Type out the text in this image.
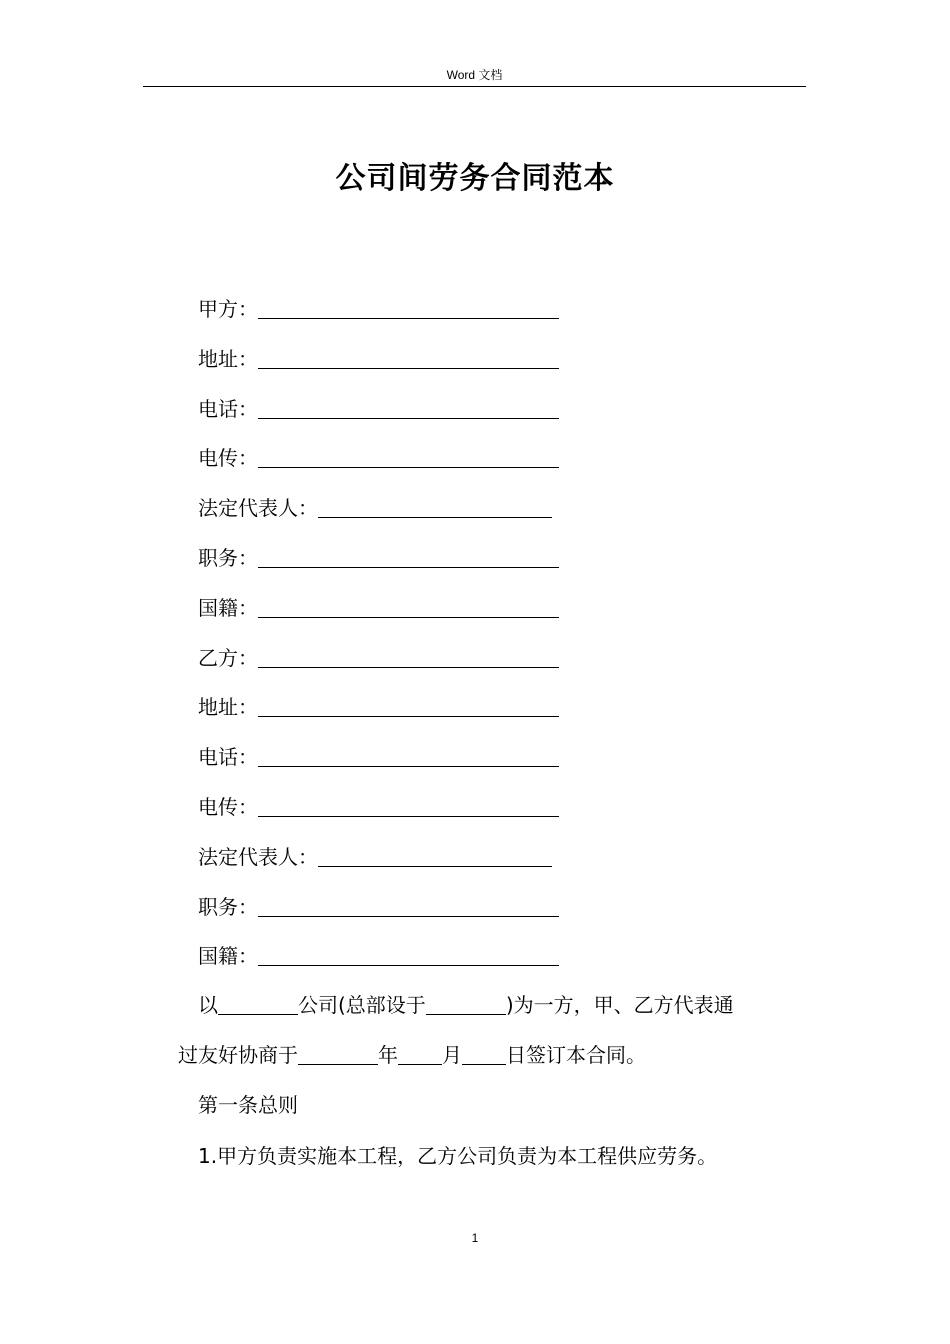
Word 文档
公司间劳务合同范本
甲方：
地址：
电话：
电传：
法定代表人：
职务：
国籍：
乙方：
地址：
电话：
电传：
法定代表人：
职务：
国籍：
以	公司(总部设于	)为一方，甲、乙方代表通
过友好协商于	年 月 日签订本合同。
第一条总则
1.甲方负责实施本工程，乙方公司负责为本工程供应劳务。
1
